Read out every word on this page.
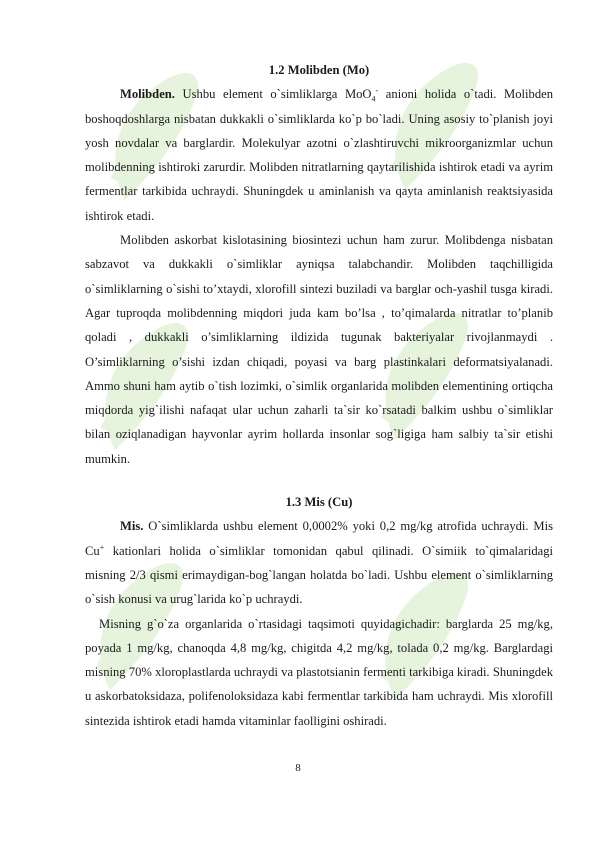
1.2 Molibden (Mo)

Molibden. Ushbu element o`simliklarga MoO$_4$- anioni holida o`tadi. Molibden boshoqdoshlarga nisbatan dukkakli o`simliklarda ko`p bo`ladi. Uning asosiy to`planish joyi yosh novdalar va barglardir. Molekulyar azotni o`zlashtiruvchi mikroorganizmlar uchun molibdenning ishtiroki zarurdir. Molibden nitratlarning qaytarilishida ishtirok etadi va ayrim fermentlar tarkibida uchraydi. Shuningdek u aminlanish va qayta aminlanish reaktsiyasida ishtirok etadi.

Molibden askorbat kislotasining biosintezi uchun ham zurur. Molibdenga nisbatan sabzavot va dukkakli o`simliklar ayniqsa talabchandir. Molibden taqchilligida o`simliklarning o`sishi to’xtaydi, xlorofill sintezi buziladi va barglar och-yashil tusga kiradi. Agar tuproqda molibdenning miqdori juda kam bo’lsa , to’qimalarda nitratlar to’planib qoladi , dukkakli o’simliklarning ildizida tugunak bakteriyalar rivojlanmaydi . O’simliklarning o’sishi izdan chiqadi, poyasi va barg plastinkalari deformatsiyalanadi. Ammo shuni ham aytib o`tish lozimki, o`simlik organlarida molibden elementining ortiqcha miqdorda yig`ilishi nafaqat ular uchun zaharli ta`sir ko`rsatadi balkim ushbu o`simliklar bilan oziqlanadigan hayvonlar ayrim hollarda insonlar sog`ligiga ham salbiy ta`sir etishi mumkin.

1.3 Mis (Cu)

Mis. O`simliklarda ushbu element 0,0002% yoki 0,2 mg/kg atrofida uchraydi. Mis Cu+ kationlari holida o`simliklar tomonidan qabul qilinadi. O`simiik to`qimalaridagi misning 2/3 qismi erimaydigan-bog`langan holatda bo`ladi. Ushbu element o`simliklarning o`sish konusi va urug`larida ko`p uchraydi.

Misning g`o`za organlarida o`rtasidagi taqsimoti quyidagichadir: barglarda 25 mg/kg, poyada 1 mg/kg, chanoqda 4,8 mg/kg, chigitda 4,2 mg/kg, tolada 0,2 mg/kg. Barglardagi misning 70% xloroplastlarda uchraydi va plastotsianin fermenti tarkibiga kiradi. Shuningdek u askorbatoksidaza, polifenoloksidaza kabi fermentlar tarkibida ham uchraydi. Mis xlorofill sintezida ishtirok etadi hamda vitaminlar faolligini oshiradi.

8
